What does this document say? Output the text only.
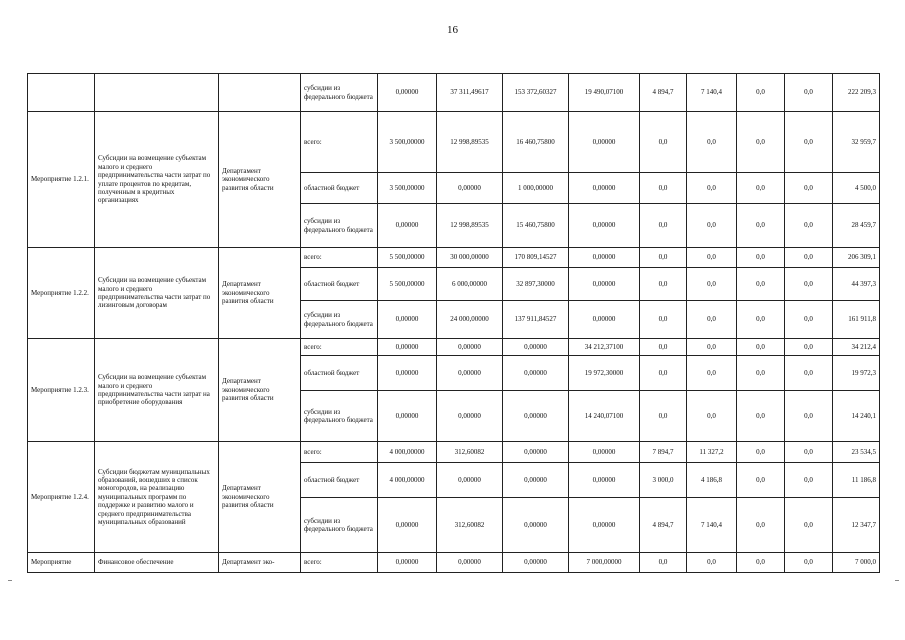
16
			субсидии из федерального бюджета	0,00000	37 311,49617	153 372,60327	19 490,07100	4 894,7	7 140,4	0,0	0,0	222 209,3
Мероприятие 1.2.1.	Субсидии на возмещение субъектам малого и среднего предпринимательства части затрат по уплате процентов по кредитам, полученным в кредитных организациях	Департамент экономического развития области	всего:	3 500,00000	12 998,89535	16 460,75800	0,00000	0,0	0,0	0,0	0,0	32 959,7
			областной бюджет	3 500,00000	0,00000	1 000,00000	0,00000	0,0	0,0	0,0	0,0	4 500,0
			субсидии из федерального бюджета	0,00000	12 998,89535	15 460,75800	0,00000	0,0	0,0	0,0	0,0	28 459,7
Мероприятие 1.2.2.	Субсидии на возмещение субъектам малого и среднего предпринимательства части затрат по лизинговым договорам	Департамент экономического развития области	всего:	5 500,00000	30 000,00000	170 809,14527	0,00000	0,0	0,0	0,0	0,0	206 309,1
			областной бюджет	5 500,00000	6 000,00000	32 897,30000	0,00000	0,0	0,0	0,0	0,0	44 397,3
			субсидии из федерального бюджета	0,00000	24 000,00000	137 911,84527	0,00000	0,0	0,0	0,0	0,0	161 911,8
Мероприятие 1.2.3.	Субсидии на возмещение субъектам малого и среднего предпринимательства части затрат на приобретение оборудования	Департамент экономического развития области	всего:	0,00000	0,00000	0,00000	34 212,37100	0,0	0,0	0,0	0,0	34 212,4
			областной бюджет	0,00000	0,00000	0,00000	19 972,30000	0,0	0,0	0,0	0,0	19 972,3
			субсидии из федерального бюджета	0,00000	0,00000	0,00000	14 240,07100	0,0	0,0	0,0	0,0	14 240,1
Мероприятие 1.2.4.	Субсидии бюджетам муниципальных образований, вошедших в список моногородов, на реализацию муниципальных программ по поддержке и развитию малого и среднего предпринимательства муниципальных образований	Департамент экономического развития области	всего:	4 000,00000	312,60082	0,00000	0,00000	7 894,7	11 327,2	0,0	0,0	23 534,5
			областной бюджет	4 000,00000	0,00000	0,00000	0,00000	3 000,0	4 186,8	0,0	0,0	11 186,8
			субсидии из федерального бюджета	0,00000	312,60082	0,00000	0,00000	4 894,7	7 140,4	0,0	0,0	12 347,7
Мероприятие	Финансовое обеспечение	Департамент эко-	всего:	0,00000	0,00000	0,00000	7 000,00000	0,0	0,0	0,0	0,0	7 000,0
